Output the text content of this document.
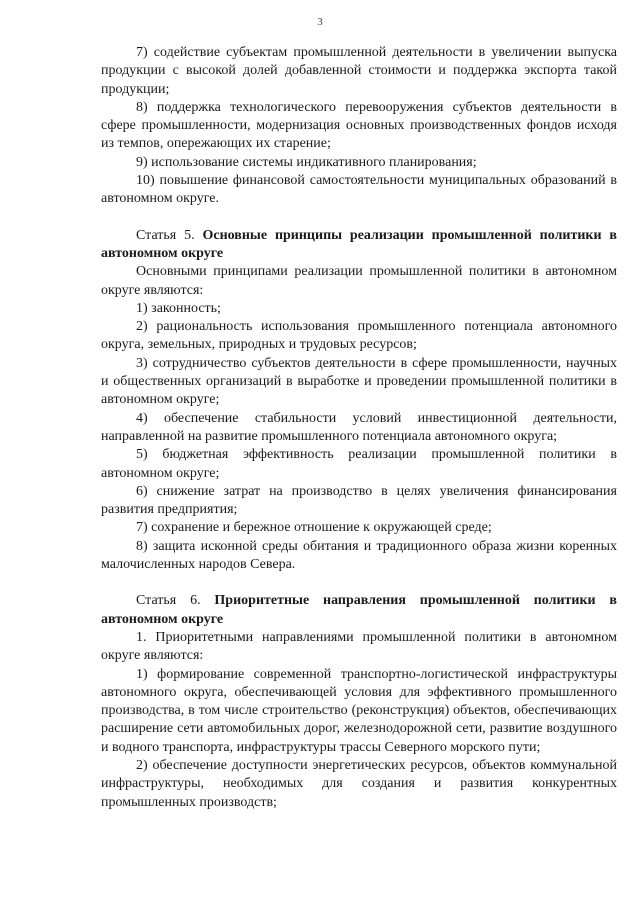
3

7) содействие субъектам промышленной деятельности в увеличении выпуска продукции с высокой долей добавленной стоимости и поддержка экспорта такой продукции;

8) поддержка технологического перевооружения субъектов деятельности в сфере промышленности, модернизация основных производственных фондов исходя из темпов, опережающих их старение;

9) использование системы индикативного планирования;

10) повышение финансовой самостоятельности муниципальных образований в автономном округе.

Статья 5. Основные принципы реализации промышленной политики в автономном округе

Основными принципами реализации промышленной политики в автономном округе являются:

1) законность;

2) рациональность использования промышленного потенциала автономного округа, земельных, природных и трудовых ресурсов;

3) сотрудничество субъектов деятельности в сфере промышленности, научных и общественных организаций в выработке и проведении промышленной политики в автономном округе;

4) обеспечение стабильности условий инвестиционной деятельности, направленной на развитие промышленного потенциала автономного округа;

5) бюджетная эффективность реализации промышленной политики в автономном округе;

6) снижение затрат на производство в целях увеличения финансирования развития предприятия;

7) сохранение и бережное отношение к окружающей среде;

8) защита исконной среды обитания и традиционного образа жизни коренных малочисленных народов Севера.

Статья 6. Приоритетные направления промышленной политики в автономном округе

1. Приоритетными направлениями промышленной политики в автономном округе являются:

1) формирование современной транспортно-логистической инфраструктуры автономного округа, обеспечивающей условия для эффективного промышленного производства, в том числе строительство (реконструкция) объектов, обеспечивающих расширение сети автомобильных дорог, железнодорожной сети, развитие воздушного и водного транспорта, инфраструктуры трассы Северного морского пути;

2) обеспечение доступности энергетических ресурсов, объектов коммунальной инфраструктуры, необходимых для создания и развития конкурентных промышленных производств;
